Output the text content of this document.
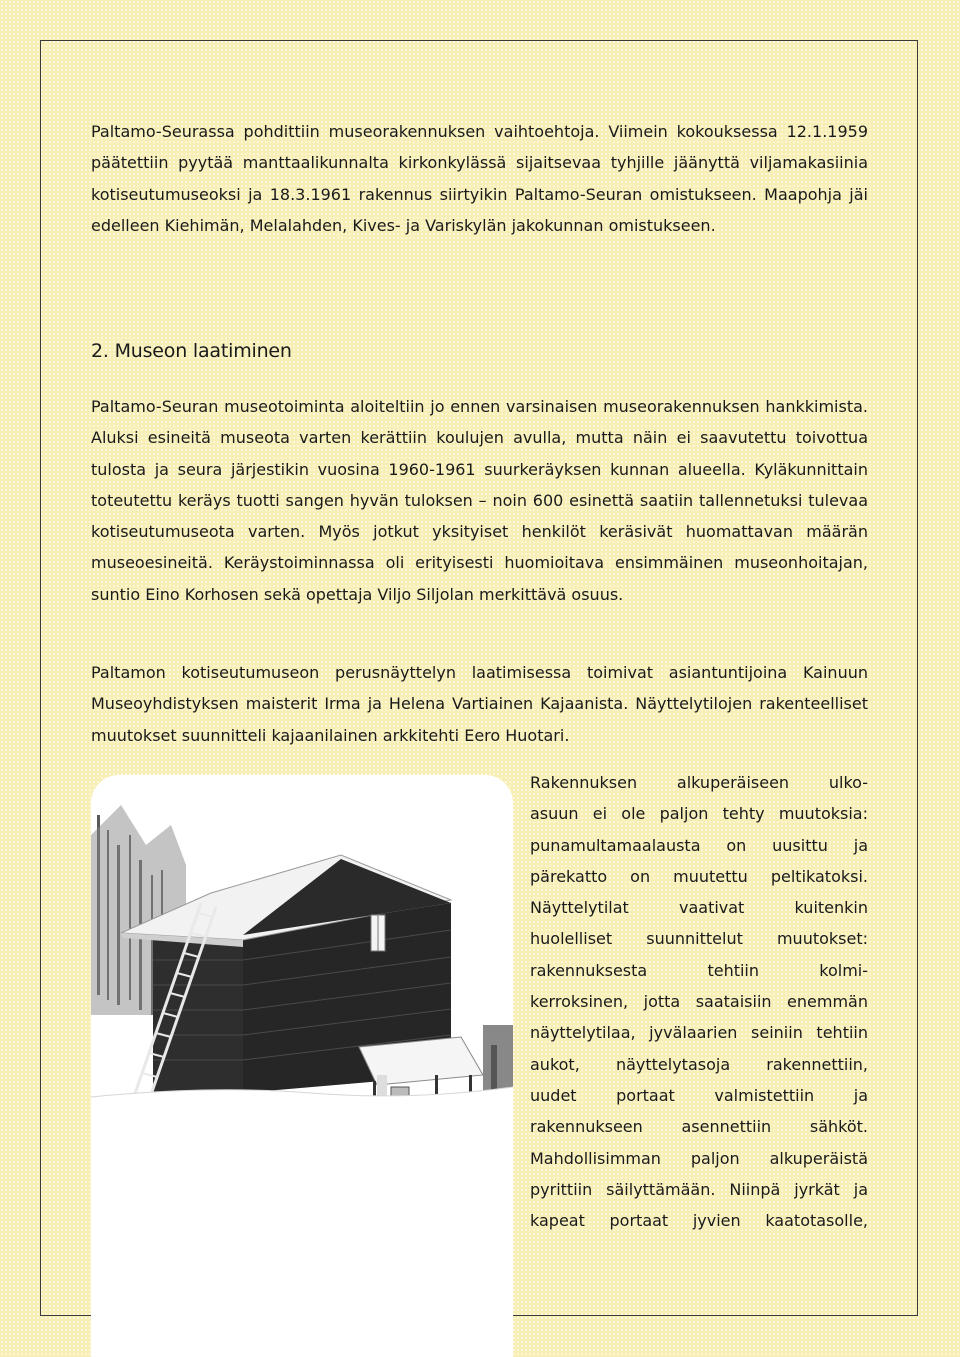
Paltamo-Seurassa pohdittiin museorakennuksen vaihtoehtoja. Viimein kokouksessa 12.1.1959 päätettiin pyytää manttaalikunnalta kirkonkylässä sijaitsevaa tyhjille jäänyttä viljamakasiinia kotiseutumuseoksi ja 18.3.1961 rakennus siirtyikin Paltamo-Seuran omistukseen. Maapohja jäi edelleen Kiehimän, Melalahden, Kives- ja Variskylän jakokunnan omistukseen.

2. Museon laatiminen

Paltamo-Seuran museotoiminta aloiteltiin jo ennen varsinaisen museorakennuksen hankkimista. Aluksi esineitä museota varten kerättiin koulujen avulla, mutta näin ei saavutettu toivottua tulosta ja seura järjestikin vuosina 1960-1961 suurkeräyksen kunnan alueella. Kyläkunnittain toteutettu keräys tuotti sangen hyvän tuloksen – noin 600 esinettä saatiin tallennetuksi tulevaa kotiseutumuseota varten. Myös jotkut yksityiset henkilöt keräsivät huomattavan määrän museoesineitä. Keräystoiminnassa oli erityisesti huomioitava ensimmäinen museonhoitajan, suntio Eino Korhosen sekä opettaja Viljo Siljolan merkittävä osuus.

Paltamon kotiseutumuseon perusnäyttelyn laatimisessa toimivat asiantuntijoina Kainuun Museoyhdistyksen maisterit Irma ja Helena Vartiainen Kajaanista. Näyttelytilojen rakenteelliset muutokset suunnitteli kajaanilainen arkkitehti Eero Huotari.

Rakennuksen alkuperäiseen ulko-
asuun ei ole paljon tehty muutoksia:
punamultamaalausta on uusittu ja
pärekatto on muutettu peltikatoksi.
Näyttelytilat vaativat kuitenkin
huolelliset suunnittelut muutokset:
rakennuksesta tehtiin kolmi-
kerroksinen, jotta saataisiin enemmän
näyttelytilaa, jyvälaarien seiniin tehtiin
aukot, näyttelytasoja rakennettiin,
uudet portaat valmistettiin ja
rakennukseen asennettiin sähköt.
Mahdollisimman paljon alkuperäistä
pyrittiin säilyttämään. Niinpä jyrkät ja
kapeat portaat jyvien kaatotasolle,
